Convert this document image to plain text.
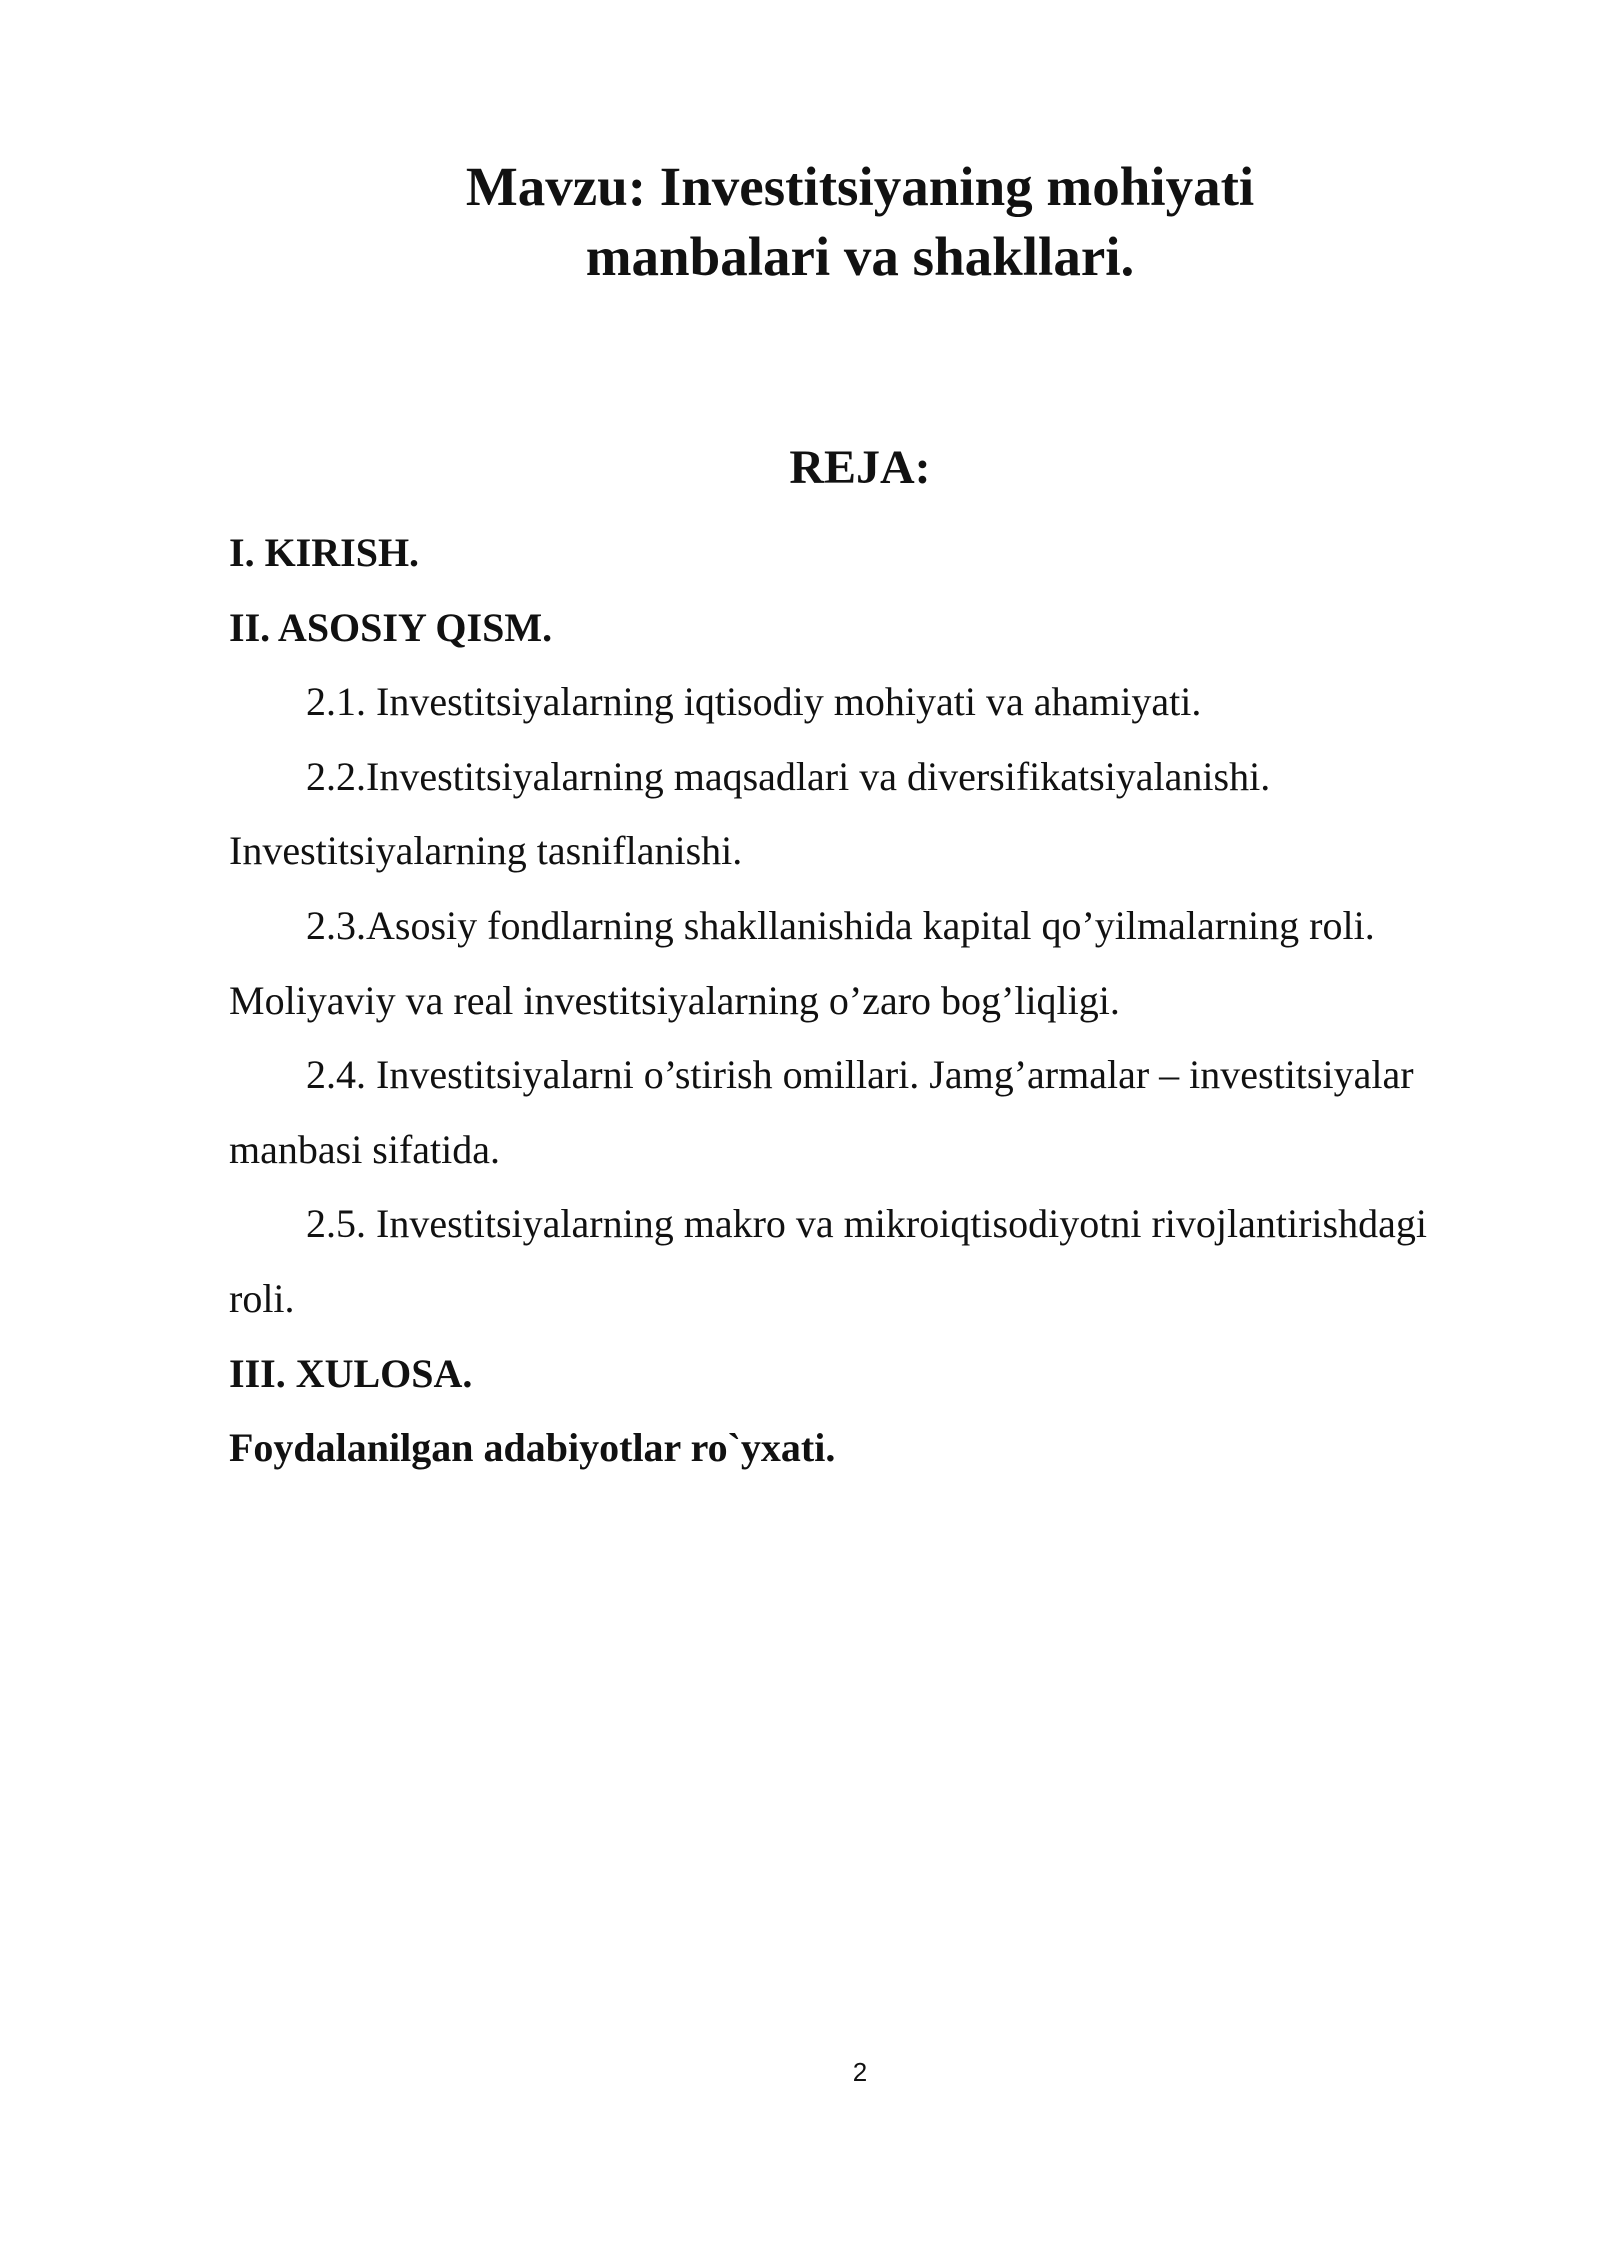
Mavzu: Investitsiyaning mohiyati
manbalari va shakllari.
REJA:
I. KIRISH.
II. ASOSIY QISM.
2.1. Investitsiyalarning iqtisodiy mohiyati va ahamiyati.
2.2.Investitsiyalarning maqsadlari va diversifikatsiyalanishi. Investitsiyalarning tasniflanishi.
2.3.Asosiy fondlarning shakllanishida kapital qo’yilmalarning roli. Moliyaviy va real investitsiyalarning o’zaro bog’liqligi.
2.4. Investitsiyalarni o’stirish omillari. Jamg’armalar – investitsiyalar manbasi sifatida.
2.5. Investitsiyalarning makro va mikroiqtisodiyotni rivojlantirishdagi roli.
III. XULOSA.
Foydalanilgan adabiyotlar ro`yxati.
2
